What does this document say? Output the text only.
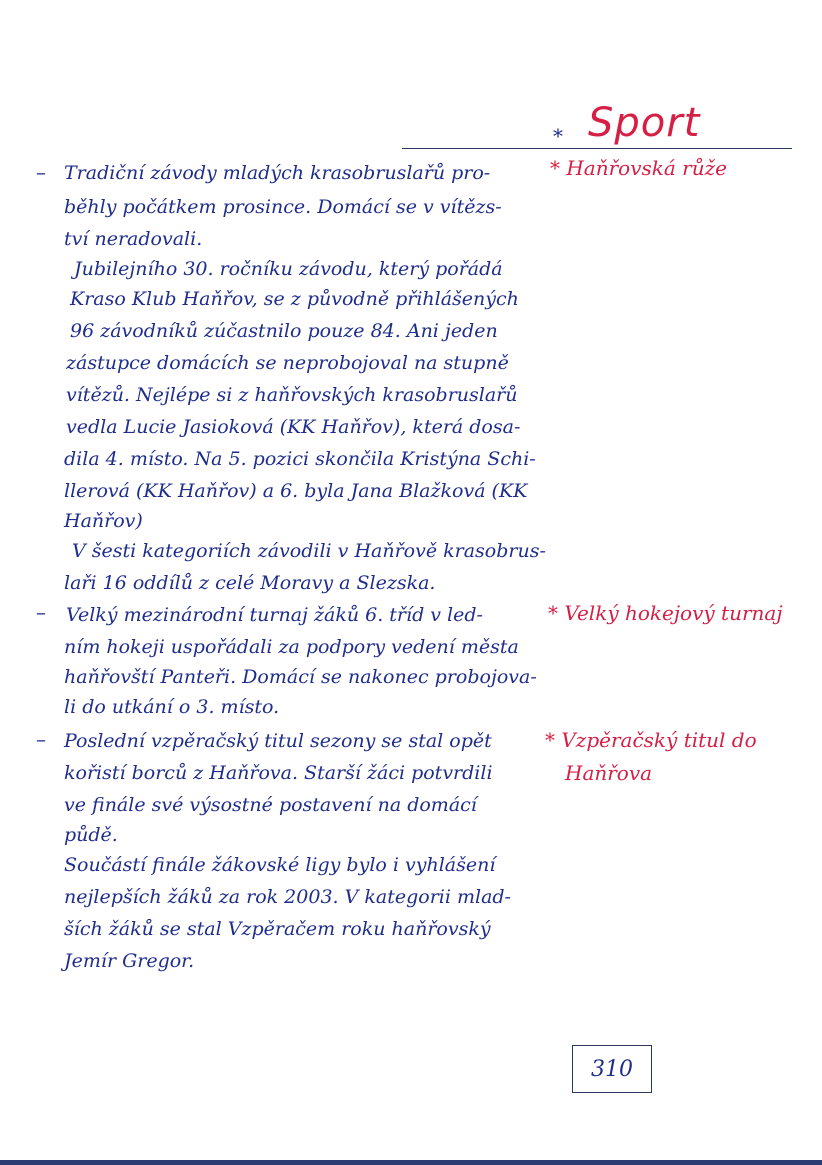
* Sport
* Haňřovská růže
* Velký hokejový turnaj
* Vzpěračský titul do
Haňřova
–
–
–
Tradiční závody mladých krasobruslařů pro-
běhly počátkem prosince. Domácí se v vítězs-
tví neradovali.
Jubilejního 30. ročníku závodu, který pořádá
Kraso Klub Haňřov, se z původně přihlášených
96 závodníků zúčastnilo pouze 84. Ani jeden
zástupce domácích se neprobojoval na stupně
vítězů. Nejlépe si z haňřovských krasobruslařů
vedla Lucie Jasioková (KK Haňřov), která dosa-
dila 4. místo. Na 5. pozici skončila Kristýna Schi-
llerová (KK Haňřov) a 6. byla Jana Blažková (KK
Haňřov)
V šesti kategoriích závodili v Haňřově krasobrus-
laři 16 oddílů z celé Moravy a Slezska.
Velký mezinárodní turnaj žáků 6. tříd v led-
ním hokeji uspořádali za podpory vedení města
haňřovští Panteři. Domácí se nakonec probojova-
li do utkání o 3. místo.
Poslední vzpěračský titul sezony se stal opět
kořistí borců z Haňřova. Starší žáci potvrdili
ve finále své výsostné postavení na domácí
půdě.
Součástí finále žákovské ligy bylo i vyhlášení
nejlepších žáků za rok 2003. V kategorii mlad-
ších žáků se stal Vzpěračem roku haňřovský
Jemír Gregor.
310
